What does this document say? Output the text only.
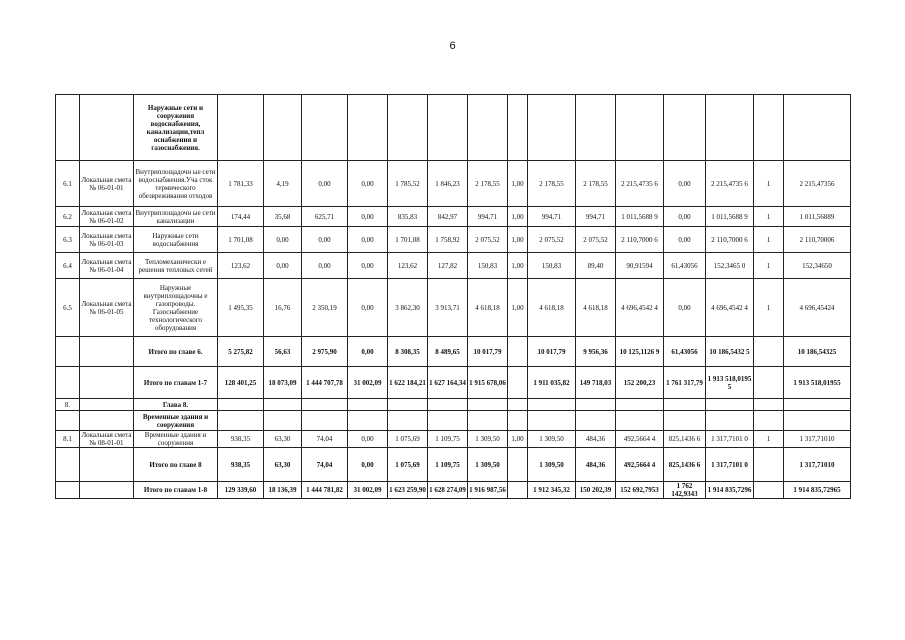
6
		Наружные сети и сооружения водоснабжения, канализации,тепл оснабжения и газоснабжения.															
6.1	Локальная смета № 06-01-01	Внутриплощадочн ые сети водоснабжения.Уча сток термического обезвреживания отходов	1 781,33	4,19	0,00	0,00	1 785,52	1 846,23	2 178,55	1,00	2 178,55	2 178,55	2 215,4735 6	0,00	2 215,4735 6	1	2 215,47356
6.2	Локальная смета № 06-01-02	Внутриплощадочн ые сети канализации	174,44	35,68	625,71	0,00	835,83	842,97	994,71	1,00	994,71	994,71	1 011,5688 9	0,00	1 011,5688 9	1	1 011,56889
6.3	Локальная смета № 06-01-03	Наружные сети водоснабжения	1 701,08	0,00	0,00	0,00	1 701,08	1 758,92	2 075,52	1,00	2 075,52	2 075,52	2 110,7000 6	0,00	2 110,7000 6	1	2 110,70006
6.4	Локальная смета № 06-01-04	Тепломеханически е решения тепловых сетей	123,62	0,00	0,00	0,00	123,62	127,82	150,83	1,00	150,83	89,40	90,91594	61,43056	152,3465 0	1	152,34650
6.5	Локальная смета № 06-01-05	Наружные внутриплощадочны е газопроводы. Газоснабжение технологического оборудования	1 495,35	16,76	2 350,19	0,00	3 862,30	3 913,71	4 618,18	1,00	4 618,18	4 618,18	4 696,4542 4	0,00	4 696,4542 4	1	4 696,45424
		Итого по главе 6.	5 275,82	56,63	2 975,90	0,00	8 308,35	8 489,65	10 017,79		10 017,79	9 956,36	10 125,1126 9	61,43056	10 186,5432 5		10 186,54325
		Итого по главам 1-7	128 401,25	18 073,09	1 444 707,78	31 002,09	1 622 184,21	1 627 164,34	1 915 678,06		1 911 035,82	149 718,03	152 200,23	1 761 317,79	1 913 518,0195 5		1 913 518,01955
8.		Глава 8.															
		Временные здания и сооружения															
8.1	Локальная смета № 08-01-01	Временные здания и сооружения	938,35	63,30	74,04	0,00	1 075,69	1 109,75	1 309,50	1,00	1 309,50	484,36	492,5664 4	825,1436 6	1 317,7101 0	1	1 317,71010
		Итого по главе 8	938,35	63,30	74,04	0,00	1 075,69	1 109,75	1 309,50		1 309,50	484,36	492,5664 4	825,1436 6	1 317,7101 0		1 317,71010
		Итого по главам 1-8	129 339,60	18 136,39	1 444 781,82	31 002,09	1 623 259,90	1 628 274,09	1 916 987,56		1 912 345,32	150 202,39	152 692,7953	1 762 142,9343	1 914 835,7296		1 914 835,72965
